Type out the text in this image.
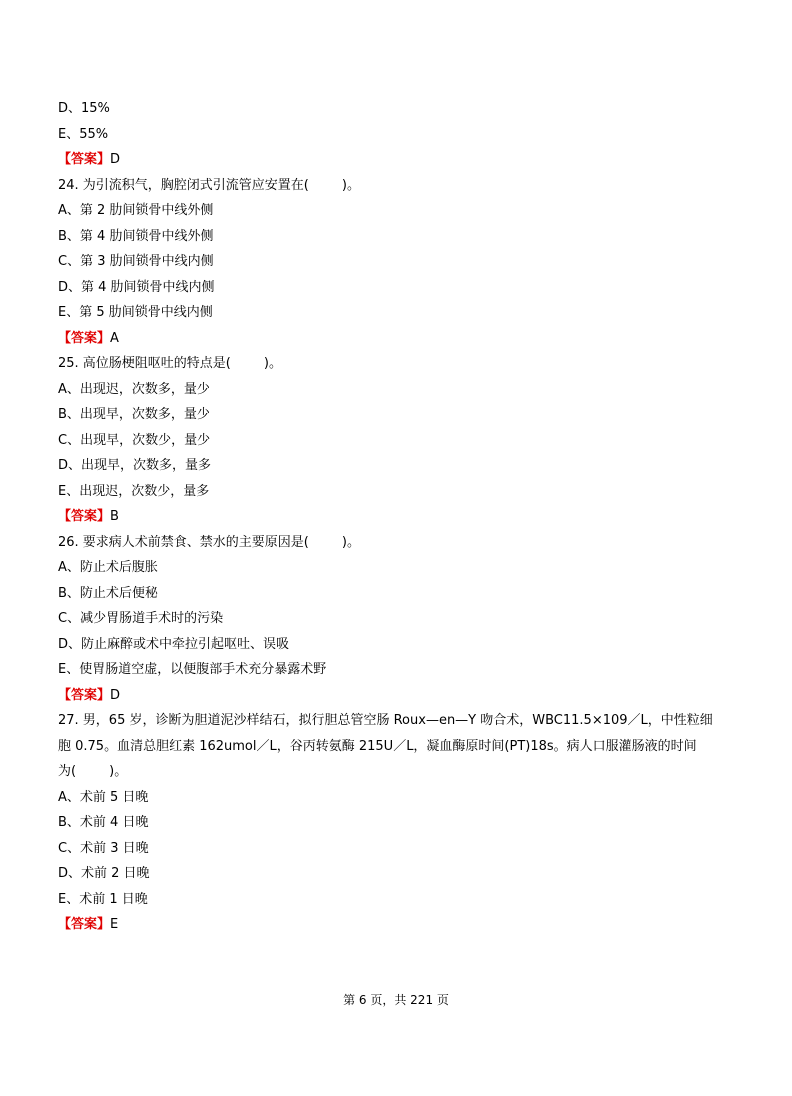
D、15%
E、55%
【答案】D
24. 为引流积气，胸腔闭式引流管应安置在(        )。
A、第 2 肋间锁骨中线外侧
B、第 4 肋间锁骨中线外侧
C、第 3 肋间锁骨中线内侧
D、第 4 肋间锁骨中线内侧
E、第 5 肋间锁骨中线内侧
【答案】A
25. 高位肠梗阻呕吐的特点是(        )。
A、出现迟，次数多，量少
B、出现早，次数多，量少
C、出现早，次数少，量少
D、出现早，次数多，量多
E、出现迟，次数少，量多
【答案】B
26. 要求病人术前禁食、禁水的主要原因是(        )。
A、防止术后腹胀
B、防止术后便秘
C、减少胃肠道手术时的污染
D、防止麻醉或术中牵拉引起呕吐、误吸
E、使胃肠道空虚，以便腹部手术充分暴露术野
【答案】D
27. 男，65 岁，诊断为胆道泥沙样结石，拟行胆总管空肠 Roux—en—Y 吻合术，WBC11.5×109／L，中性粒细
胞 0.75。血清总胆红素 162umol／L，谷丙转氨酶 215U／L，凝血酶原时间(PT)18s。病人口服灌肠液的时间
为(        )。
A、术前 5 日晚
B、术前 4 日晚
C、术前 3 日晚
D、术前 2 日晚
E、术前 1 日晚
【答案】E
第 6 页，共 221 页
